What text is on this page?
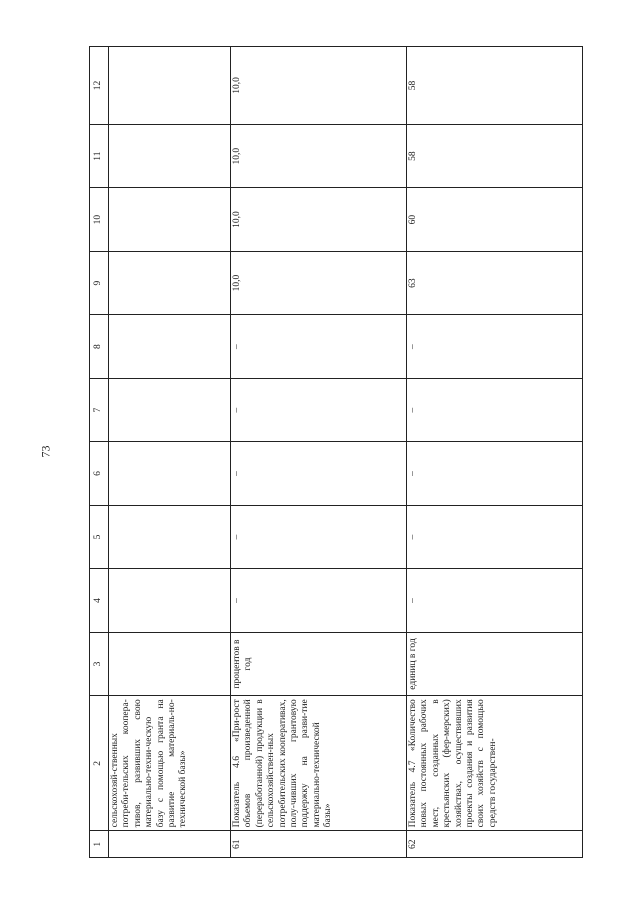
73
1	2	3	4	5	6	7	8	9	10	11	12
	сельскохозяй-ственных потреби-тельских коопера-тивов, развивших свою материально-техни-ческую базу с помощью гранта на развитие материаль-но-технической базы»										
61	Показатель 4.6 «При-рост объемов произведенной (переработанной) продукции в сельскохозяйствен-ных потребительских кооперативах, полу-чивших грантовую поддержку на разви-тие материально-технической базы»	процентов в год	–	–	–	–	–	10,0	10,0	10,0	10,0
62	Показатель 4.7 «Количество новых постоянных рабочих мест, созданных в крестьянских (фер-мерских) хозяйствах, осуществивших проекты создания и развития своих хозяйств с помощью средств государствен-	единиц в год	–	–	–	–	–	63	60	58	58
